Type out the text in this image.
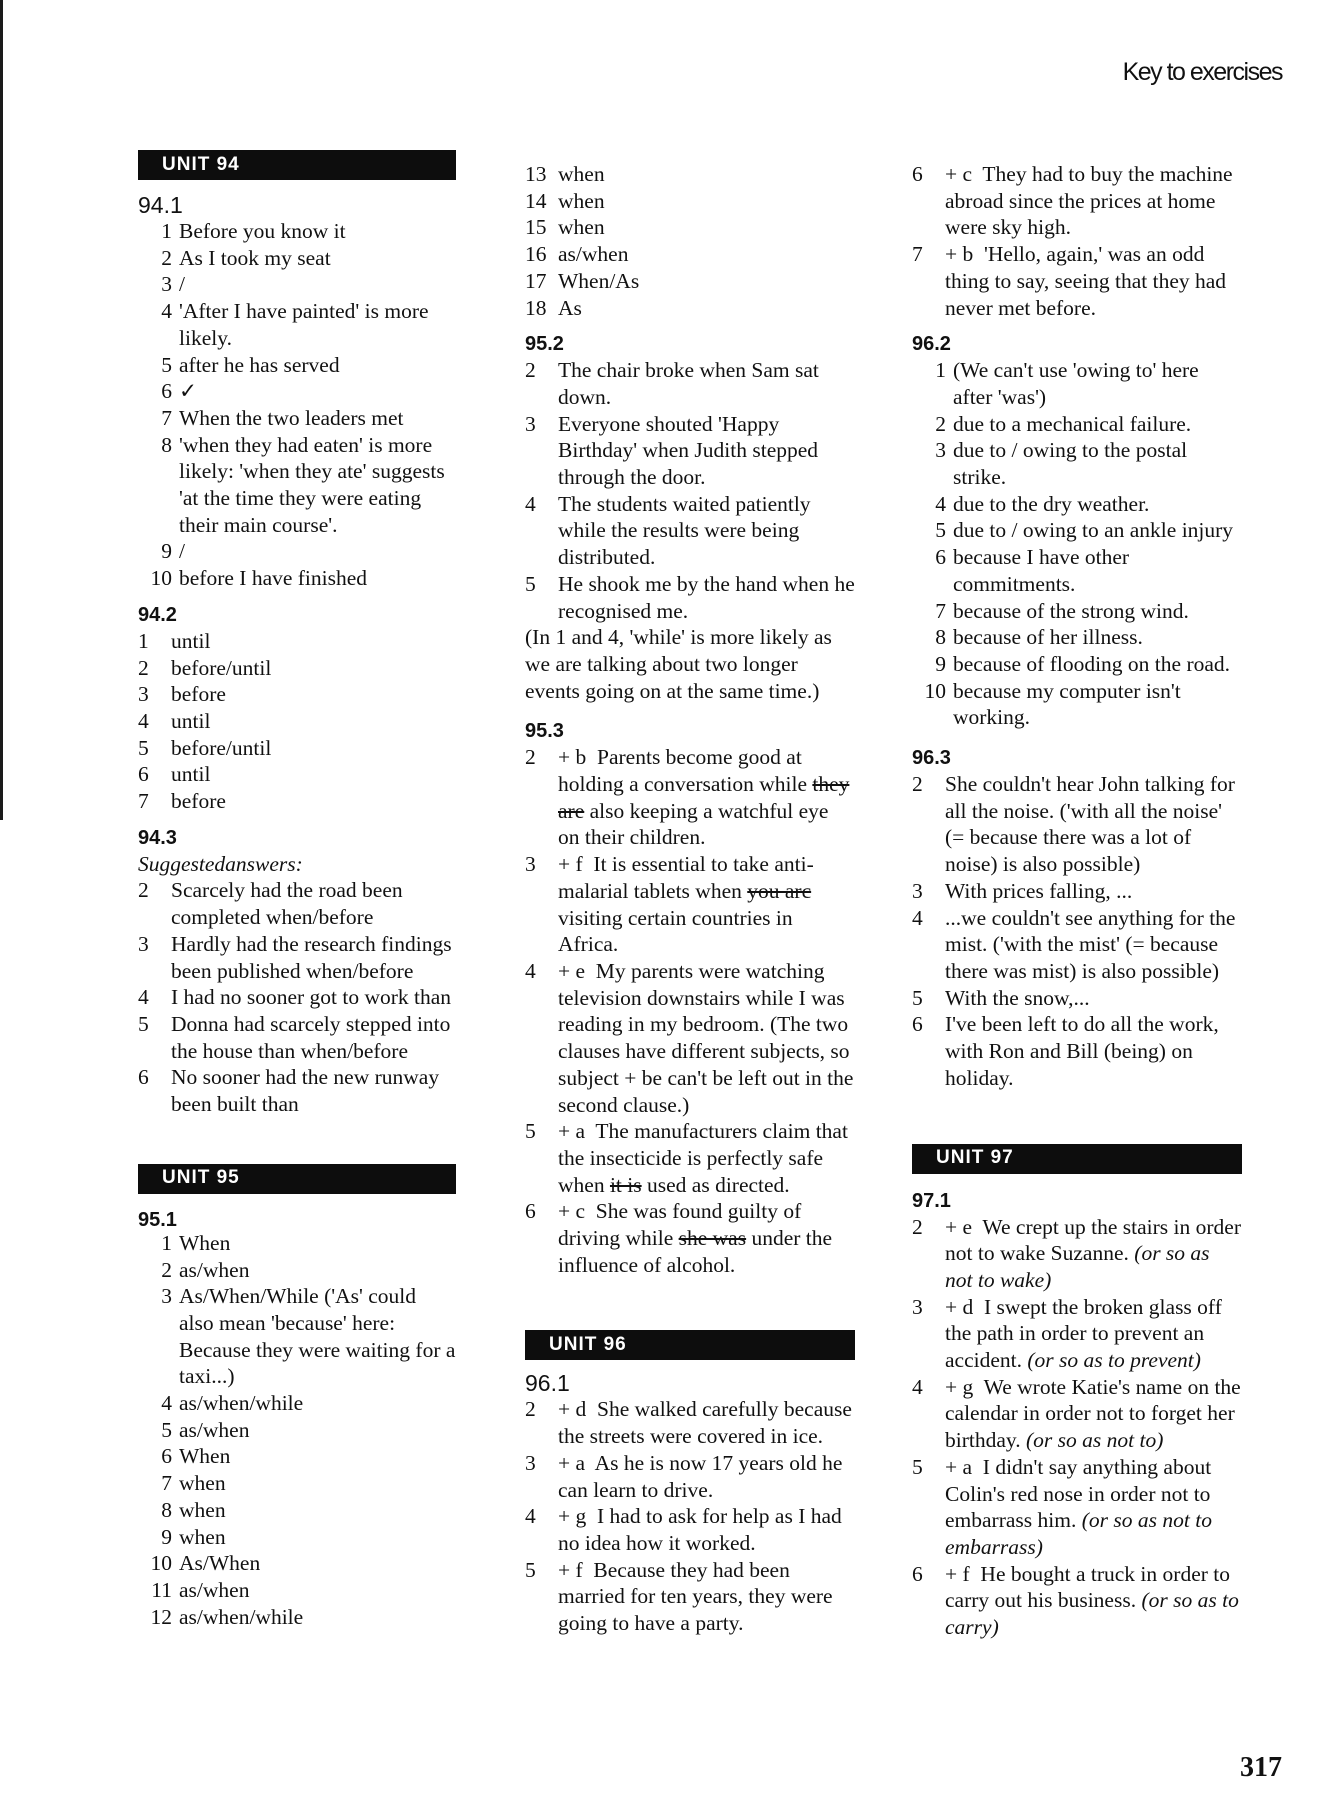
Key to exercises
UNIT 94
94.1
1 Before you know it
2 As I took my seat
3 /
4 'After I have painted' is more likely.
5 after he has served
6 ✓
7 When the two leaders met
8 'when they had eaten' is more likely: 'when they ate' suggests 'at the time they were eating their main course'.
9 /
10 before I have finished
94.2
1	until
2	before/until
3	before
4	until
5	before/until
6	until
7	before
94.3
Suggestedanswers:
2	Scarcely had the road been completed when/before
3	Hardly had the research findings been published when/before
4	I had no sooner got to work than
5	Donna had scarcely stepped into the house than when/before
6	No sooner had the new runway been built than
UNIT 95
95.1
1 When
2 as/when
3 As/When/While ('As' could also mean 'because' here: Because they were waiting for a taxi...)
4 as/when/while
5 as/when
6 When
7 when
8 when
9 when
10 As/When
11 as/when
12 as/when/while
13 when
14 when
15 when
16 as/when
17 When/As
18 As
95.2
2	The chair broke when Sam sat down.
3	Everyone shouted 'Happy Birthday' when Judith stepped through the door.
4	The students waited patiently while the results were being distributed.
5	He shook me by the hand when he recognised me.
(In 1 and 4, 'while' is more likely as we are talking about two longer events going on at the same time.)
95.3
2	+ b Parents become good at holding a conversation while they are also keeping a watchful eye on their children.
3	+ f It is essential to take anti-malarial tablets when you arc visiting certain countries in Africa.
4	+ e My parents were watching television downstairs while I was reading in my bedroom. (The two clauses have different subjects, so subject + be can't be left out in the second clause.)
5	+ a The manufacturers claim that the insecticide is perfectly safe when it is used as directed.
6	+ c She was found guilty of driving while she was under the influence of alcohol.
UNIT 96
96.1
2	+ d She walked carefully because the streets were covered in ice.
3	+ a As he is now 17 years old he can learn to drive.
4	+ g I had to ask for help as I had no idea how it worked.
5	+ f Because they had been married for ten years, they were going to have a party.
6	+ c They had to buy the machine abroad since the prices at home were sky high.
7	+ b 'Hello, again,' was an odd thing to say, seeing that they had never met before.
96.2
1 (We can't use 'owing to' here after 'was')
2 due to a mechanical failure.
3 due to / owing to the postal strike.
4 due to the dry weather.
5 due to / owing to an ankle injury
6 because I have other commitments.
7 because of the strong wind.
8 because of her illness.
9 because of flooding on the road.
10 because my computer isn't working.
96.3
2	She couldn't hear John talking for all the noise. ('with all the noise' (= because there was a lot of noise) is also possible)
3	With prices falling, ...
4	...we couldn't see anything for the mist. ('with the mist' (= because there was mist) is also possible)
5	With the snow,...
6	I've been left to do all the work, with Ron and Bill (being) on holiday.
UNIT 97
97.1
2	+ e We crept up the stairs in order not to wake Suzanne. (or so as not to wake)
3	+ d I swept the broken glass off the path in order to prevent an accident. (or so as to prevent)
4	+ g We wrote Katie's name on the calendar in order not to forget her birthday. (or so as not to)
5	+ a I didn't say anything about Colin's red nose in order not to embarrass him. (or so as not to embarrass)
6	+ f He bought a truck in order to carry out his business. (or so as to carry)
317
